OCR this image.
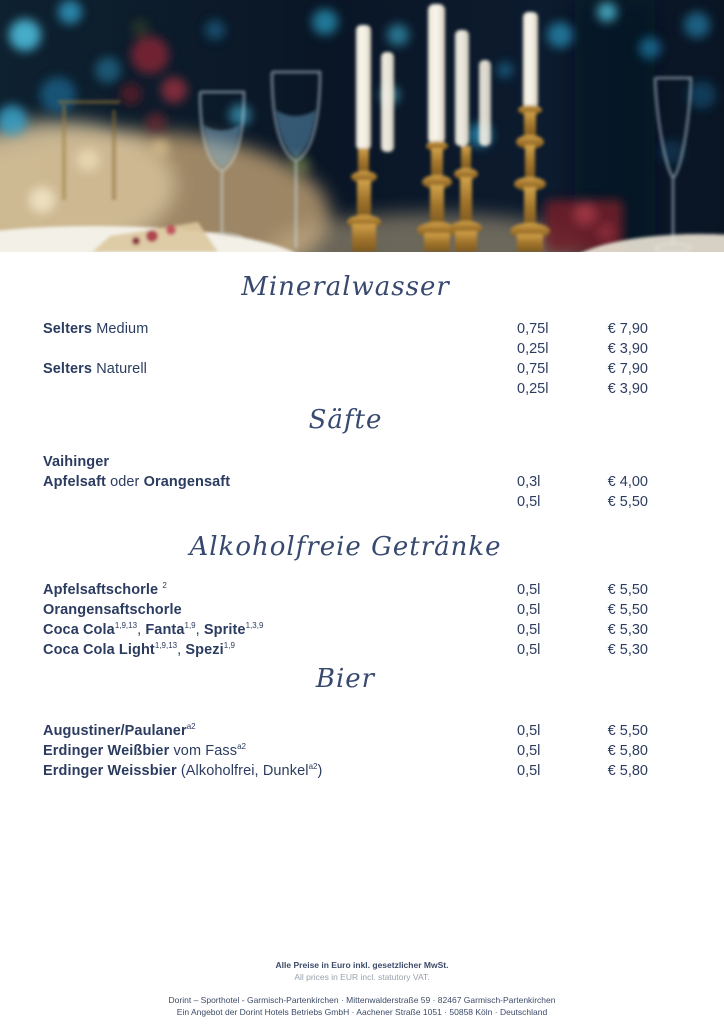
Mineralwasser
Selters Medium	0,75l	€ 7,90
0,25l	€ 3,90
Selters Naturell	0,75l	€ 7,90
0,25l	€ 3,90
Säfte
Vaihinger
Apfelsaft oder Orangensaft	0,3l	€ 4,00
0,5l	€ 5,50
Alkoholfreie Getränke
Apfelsaftschorle $^2$	0,5l	€ 5,50
Orangensaftschorle	0,5l	€ 5,50
Coca Cola$^{1,9,13}$, Fanta$^{1,9}$, Sprite$^{1,3,9}$	0,5l	€ 5,30
Coca Cola Light$^{1,9,13}$, Spezi$^{1,9}$	0,5l	€ 5,30
Bier
Augustiner/Paulaner$^{a2}$	0,5l	€ 5,50
Erdinger Weißbier vom Fass$^{a2}$	0,5l	€ 5,80
Erdinger Weissbier (Alkoholfrei, Dunkel$^{a2}$)	0,5l	€ 5,80
Alle Preise in Euro inkl. gesetzlicher MwSt.
All prices in EUR incl. statutory VAT.
Dorint – Sporthotel - Garmisch-Partenkirchen · Mittenwalderstraße 59 · 82467 Garmisch-Partenkirchen
Ein Angebot der Dorint Hotels Betriebs GmbH · Aachener Straße 1051 · 50858 Köln · Deutschland
